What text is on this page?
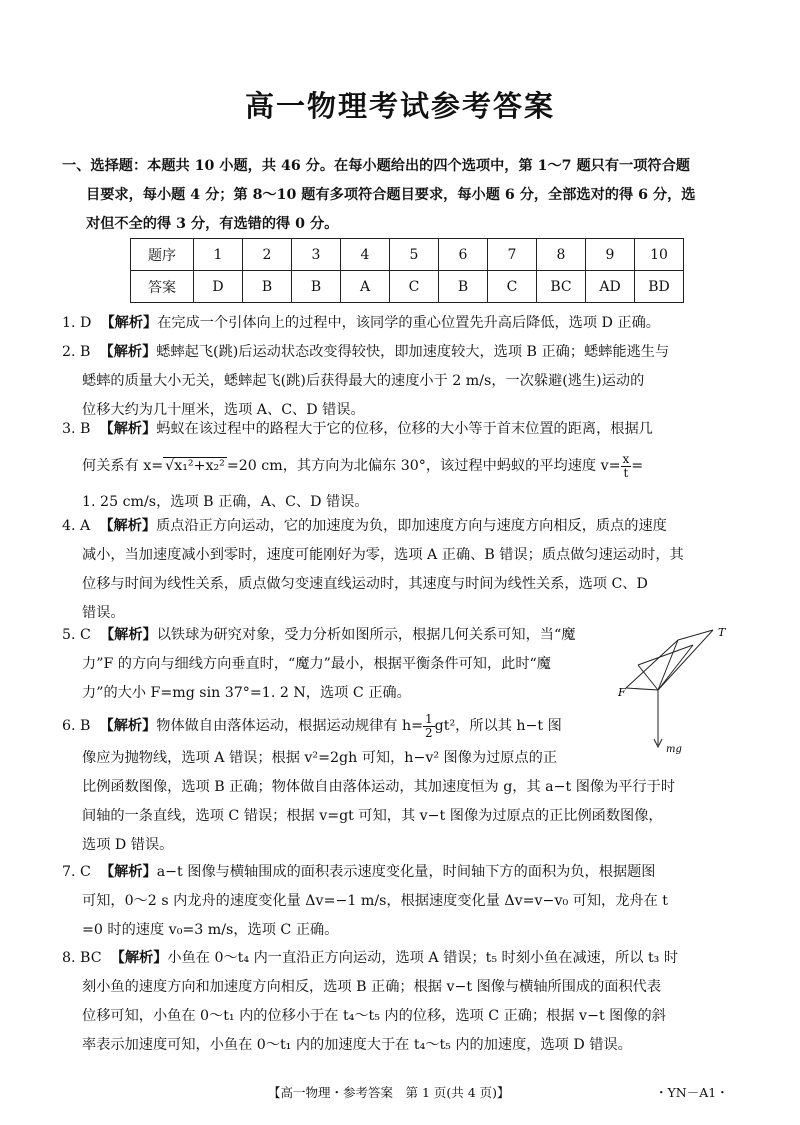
高一物理考试参考答案
一、选择题：本题共 10 小题，共 46 分。在每小题给出的四个选项中，第 1～7 题只有一项符合题
目要求，每小题 4 分；第 8～10 题有多项符合题目要求，每小题 6 分，全部选对的得 6 分，选
对但不全的得 3 分，有选错的得 0 分。
题序	1	2	3	4	5	6	7	8	9	10
答案	D	B	B	A	C	B	C	BC	AD	BD
1. D 【解析】在完成一个引体向上的过程中，该同学的重心位置先升高后降低，选项 D 正确。
2. B 【解析】蟋蟀起飞(跳)后运动状态改变得较快，即加速度较大，选项 B 正确；蟋蟀能逃生与
蟋蟀的质量大小无关，蟋蟀起飞(跳)后获得最大的速度小于 2 m/s，一次躲避(逃生)运动的
位移大约为几十厘米，选项 A、C、D 错误。
3. B 【解析】蚂蚁在该过程中的路程大于它的位移，位移的大小等于首末位置的距离，根据几
何关系有 x= √x₁²+x₂² =20 cm，其方向为北偏东 30°，该过程中蚂蚁的平均速度 $v= \frac{x}{t}$ =
1. 25 cm/s，选项 B 正确，A、C、D 错误。
4. A 【解析】质点沿正方向运动，它的加速度为负，即加速度方向与速度方向相反，质点的速度
减小，当加速度减小到零时，速度可能刚好为零，选项 A 正确、B 错误；质点做匀速运动时，其
位移与时间为线性关系，质点做匀变速直线运动时，其速度与时间为线性关系，选项 C、D
错误。
5. C 【解析】以铁球为研究对象，受力分析如图所示，根据几何关系可知，当“魔
力”F 的方向与细线方向垂直时，“魔力”最小，根据平衡条件可知，此时“魔
力”的大小 F=mg sin 37°=1. 2 N，选项 C 正确。
6. B 【解析】物体做自由落体运动，根据运动规律有 $h= \frac{1}{2} gt^2$，所以其 h−t 图
像应为抛物线，选项 A 错误；根据 v²=2gh 可知，h−v² 图像为过原点的正
比例函数图像，选项 B 正确；物体做自由落体运动，其加速度恒为 g，其 a−t 图像为平行于时
间轴的一条直线，选项 C 错误；根据 v=gt 可知，其 v−t 图像为过原点的正比例函数图像，
选项 D 错误。
7. C 【解析】a−t 图像与横轴围成的面积表示速度变化量，时间轴下方的面积为负，根据题图
可知，0～2 s 内龙舟的速度变化量 Δv=−1 m/s，根据速度变化量 Δv=v−v₀ 可知，龙舟在 t
=0 时的速度 v₀=3 m/s，选项 C 正确。
8. BC 【解析】小鱼在 0～t₄ 内一直沿正方向运动，选项 A 错误；t₅ 时刻小鱼在减速，所以 t₃ 时
刻小鱼的速度方向和加速度方向相反，选项 B 正确；根据 v−t 图像与横轴所围成的面积代表
位移可知，小鱼在 0～t₁ 内的位移小于在 t₄～t₅ 内的位移，选项 C 正确；根据 v−t 图像的斜
率表示加速度可知，小鱼在 0～t₁ 内的加速度大于在 t₄～t₅ 内的加速度，选项 D 错误。
T
F
mg
【高一物理・参考答案　第 1 页(共 4 页)】	・YN－A1・
